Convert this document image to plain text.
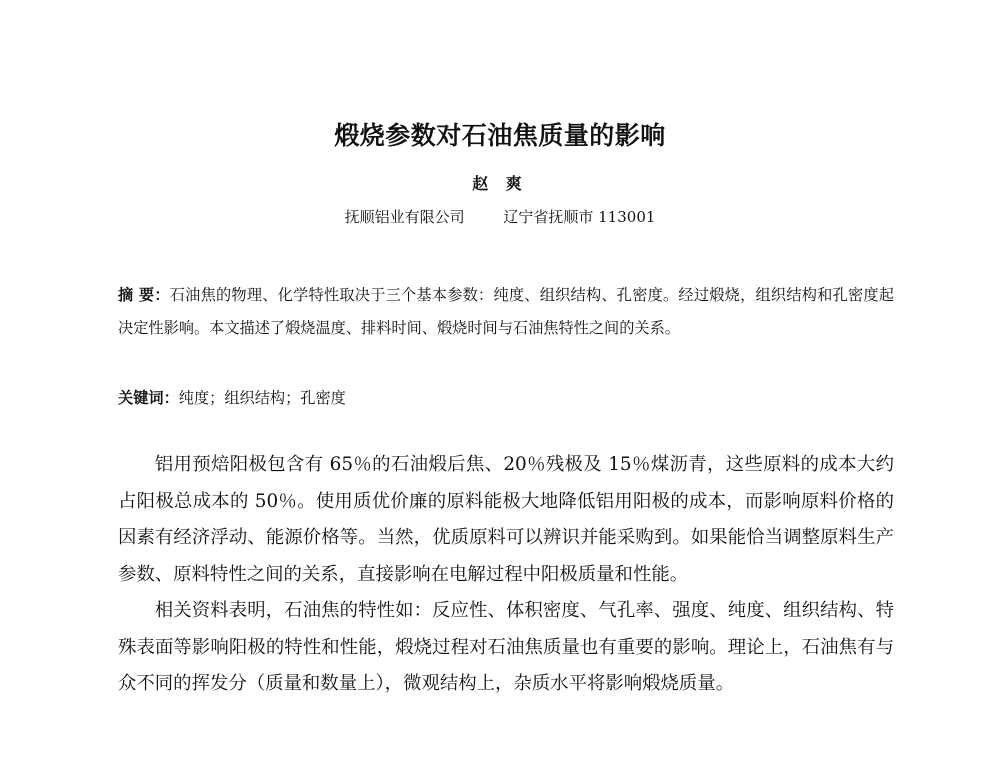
煅烧参数对石油焦质量的影响
赵 爽
抚顺铝业有限公司	辽宁省抚顺市 113001
摘 要：石油焦的物理、化学特性取决于三个基本参数：纯度、组织结构、孔密度。经过煅烧，组织结构和孔密度起决定性影响。本文描述了煅烧温度、排料时间、煅烧时间与石油焦特性之间的关系。
关键词：纯度；组织结构；孔密度

铝用预焙阳极包含有 65％的石油煅后焦、20％残极及 15％煤沥青，这些原料的成本大约占阳极总成本的 50％。使用质优价廉的原料能极大地降低铝用阳极的成本，而影响原料价格的因素有经济浮动、能源价格等。当然，优质原料可以辨识并能采购到。如果能恰当调整原料生产参数、原料特性之间的关系，直接影响在电解过程中阳极质量和性能。

相关资料表明，石油焦的特性如：反应性、体积密度、气孔率、强度、纯度、组织结构、特殊表面等影响阳极的特性和性能，煅烧过程对石油焦质量也有重要的影响。理论上，石油焦有与众不同的挥发分（质量和数量上），微观结构上，杂质水平将影响煅烧质量。
